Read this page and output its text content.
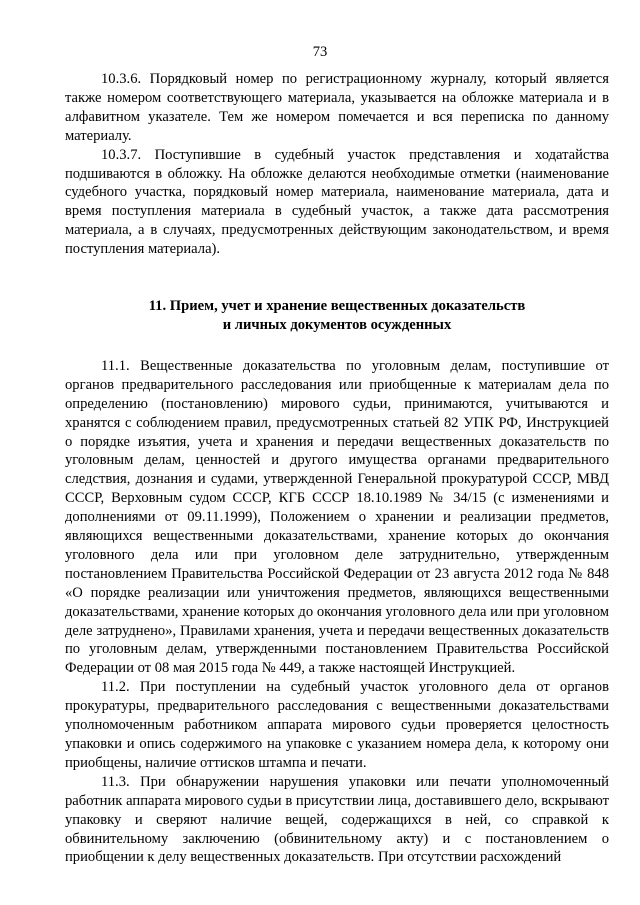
73

10.3.6. Порядковый номер по регистрационному журналу, который является также номером соответствующего материала, указывается на обложке материала и в алфавитном указателе. Тем же номером помечается и вся переписка по данному материалу.

10.3.7. Поступившие в судебный участок представления и ходатайства подшиваются в обложку. На обложке делаются необходимые отметки (наименование судебного участка, порядковый номер материала, наименование материала, дата и время поступления материала в судебный участок, а также дата рассмотрения материала, а в случаях, предусмотренных действующим законодательством, и время поступления материала).

11. Прием, учет и хранение вещественных доказательств
и личных документов осужденных

11.1. Вещественные доказательства по уголовным делам, поступившие от органов предварительного расследования или приобщенные к материалам дела по определению (постановлению) мирового судьи, принимаются, учитываются и хранятся с соблюдением правил, предусмотренных статьей 82 УПК РФ, Инструкцией о порядке изъятия, учета и хранения и передачи вещественных доказательств по уголовным делам, ценностей и другого имущества органами предварительного следствия, дознания и судами, утвержденной Генеральной прокуратурой СССР, МВД СССР, Верховным судом СССР, КГБ СССР 18.10.1989 № 34/15 (с изменениями и дополнениями от 09.11.1999), Положением о хранении и реализации предметов, являющихся вещественными доказательствами, хранение которых до окончания уголовного дела или при уголовном деле затруднительно, утвержденным постановлением Правительства Российской Федерации от 23 августа 2012 года № 848 «О порядке реализации или уничтожения предметов, являющихся вещественными доказательствами, хранение которых до окончания уголовного дела или при уголовном деле затруднено», Правилами хранения, учета и передачи вещественных доказательств по уголовным делам, утвержденными постановлением Правительства Российской Федерации от 08 мая 2015 года № 449, а также настоящей Инструкцией.

11.2. При поступлении на судебный участок уголовного дела от органов прокуратуры, предварительного расследования с вещественными доказательствами уполномоченным работником аппарата мирового судьи проверяется целостность упаковки и опись содержимого на упаковке с указанием номера дела, к которому они приобщены, наличие оттисков штампа и печати.

11.3. При обнаружении нарушения упаковки или печати уполномоченный работник аппарата мирового судьи в присутствии лица, доставившего дело, вскрывают упаковку и сверяют наличие вещей, содержащихся в ней, со справкой к обвинительному заключению (обвинительному акту) и с постановлением о приобщении к делу вещественных доказательств. При отсутствии расхождений
